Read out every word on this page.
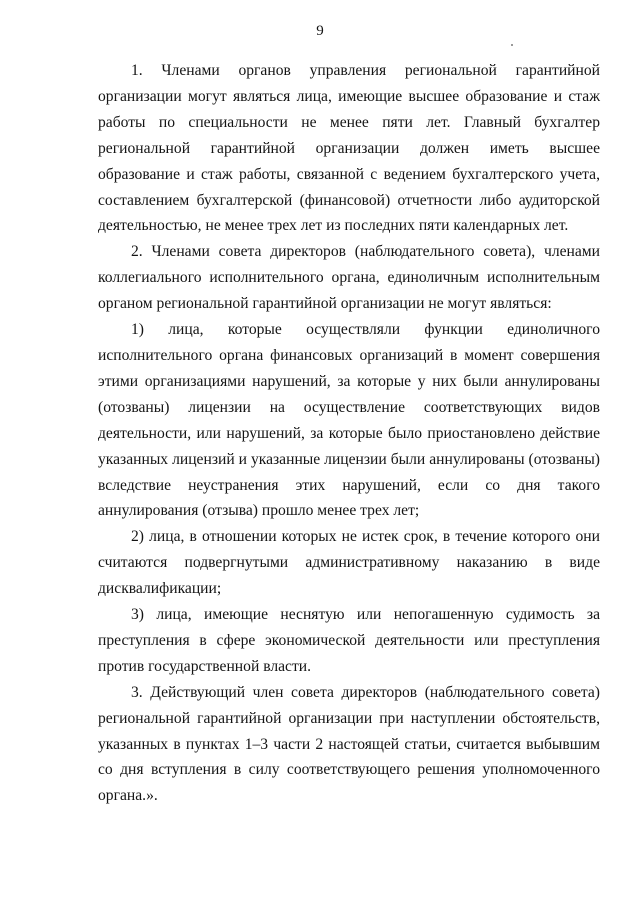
9

1. Членами органов управления региональной гарантийной организации могут являться лица, имеющие высшее образование и стаж работы по специальности не менее пяти лет. Главный бухгалтер региональной гарантийной организации должен иметь высшее образование и стаж работы, связанной с ведением бухгалтерского учета, составлением бухгалтерской (финансовой) отчетности либо аудиторской деятельностью, не менее трех лет из последних пяти календарных лет.

2. Членами совета директоров (наблюдательного совета), членами коллегиального исполнительного органа, единоличным исполнительным органом региональной гарантийной организации не могут являться:

1) лица, которые осуществляли функции единоличного исполнительного органа финансовых организаций в момент совершения этими организациями нарушений, за которые у них были аннулированы (отозваны) лицензии на осуществление соответствующих видов деятельности, или нарушений, за которые было приостановлено действие указанных лицензий и указанные лицензии были аннулированы (отозваны) вследствие неустранения этих нарушений, если со дня такого аннулирования (отзыва) прошло менее трех лет;

2) лица, в отношении которых не истек срок, в течение которого они считаются подвергнутыми административному наказанию в виде дисквалификации;

3) лица, имеющие неснятую или непогашенную судимость за преступления в сфере экономической деятельности или преступления против государственной власти.

3. Действующий член совета директоров (наблюдательного совета) региональной гарантийной организации при наступлении обстоятельств, указанных в пунктах 1–3 части 2 настоящей статьи, считается выбывшим со дня вступления в силу соответствующего решения уполномоченного органа.».
